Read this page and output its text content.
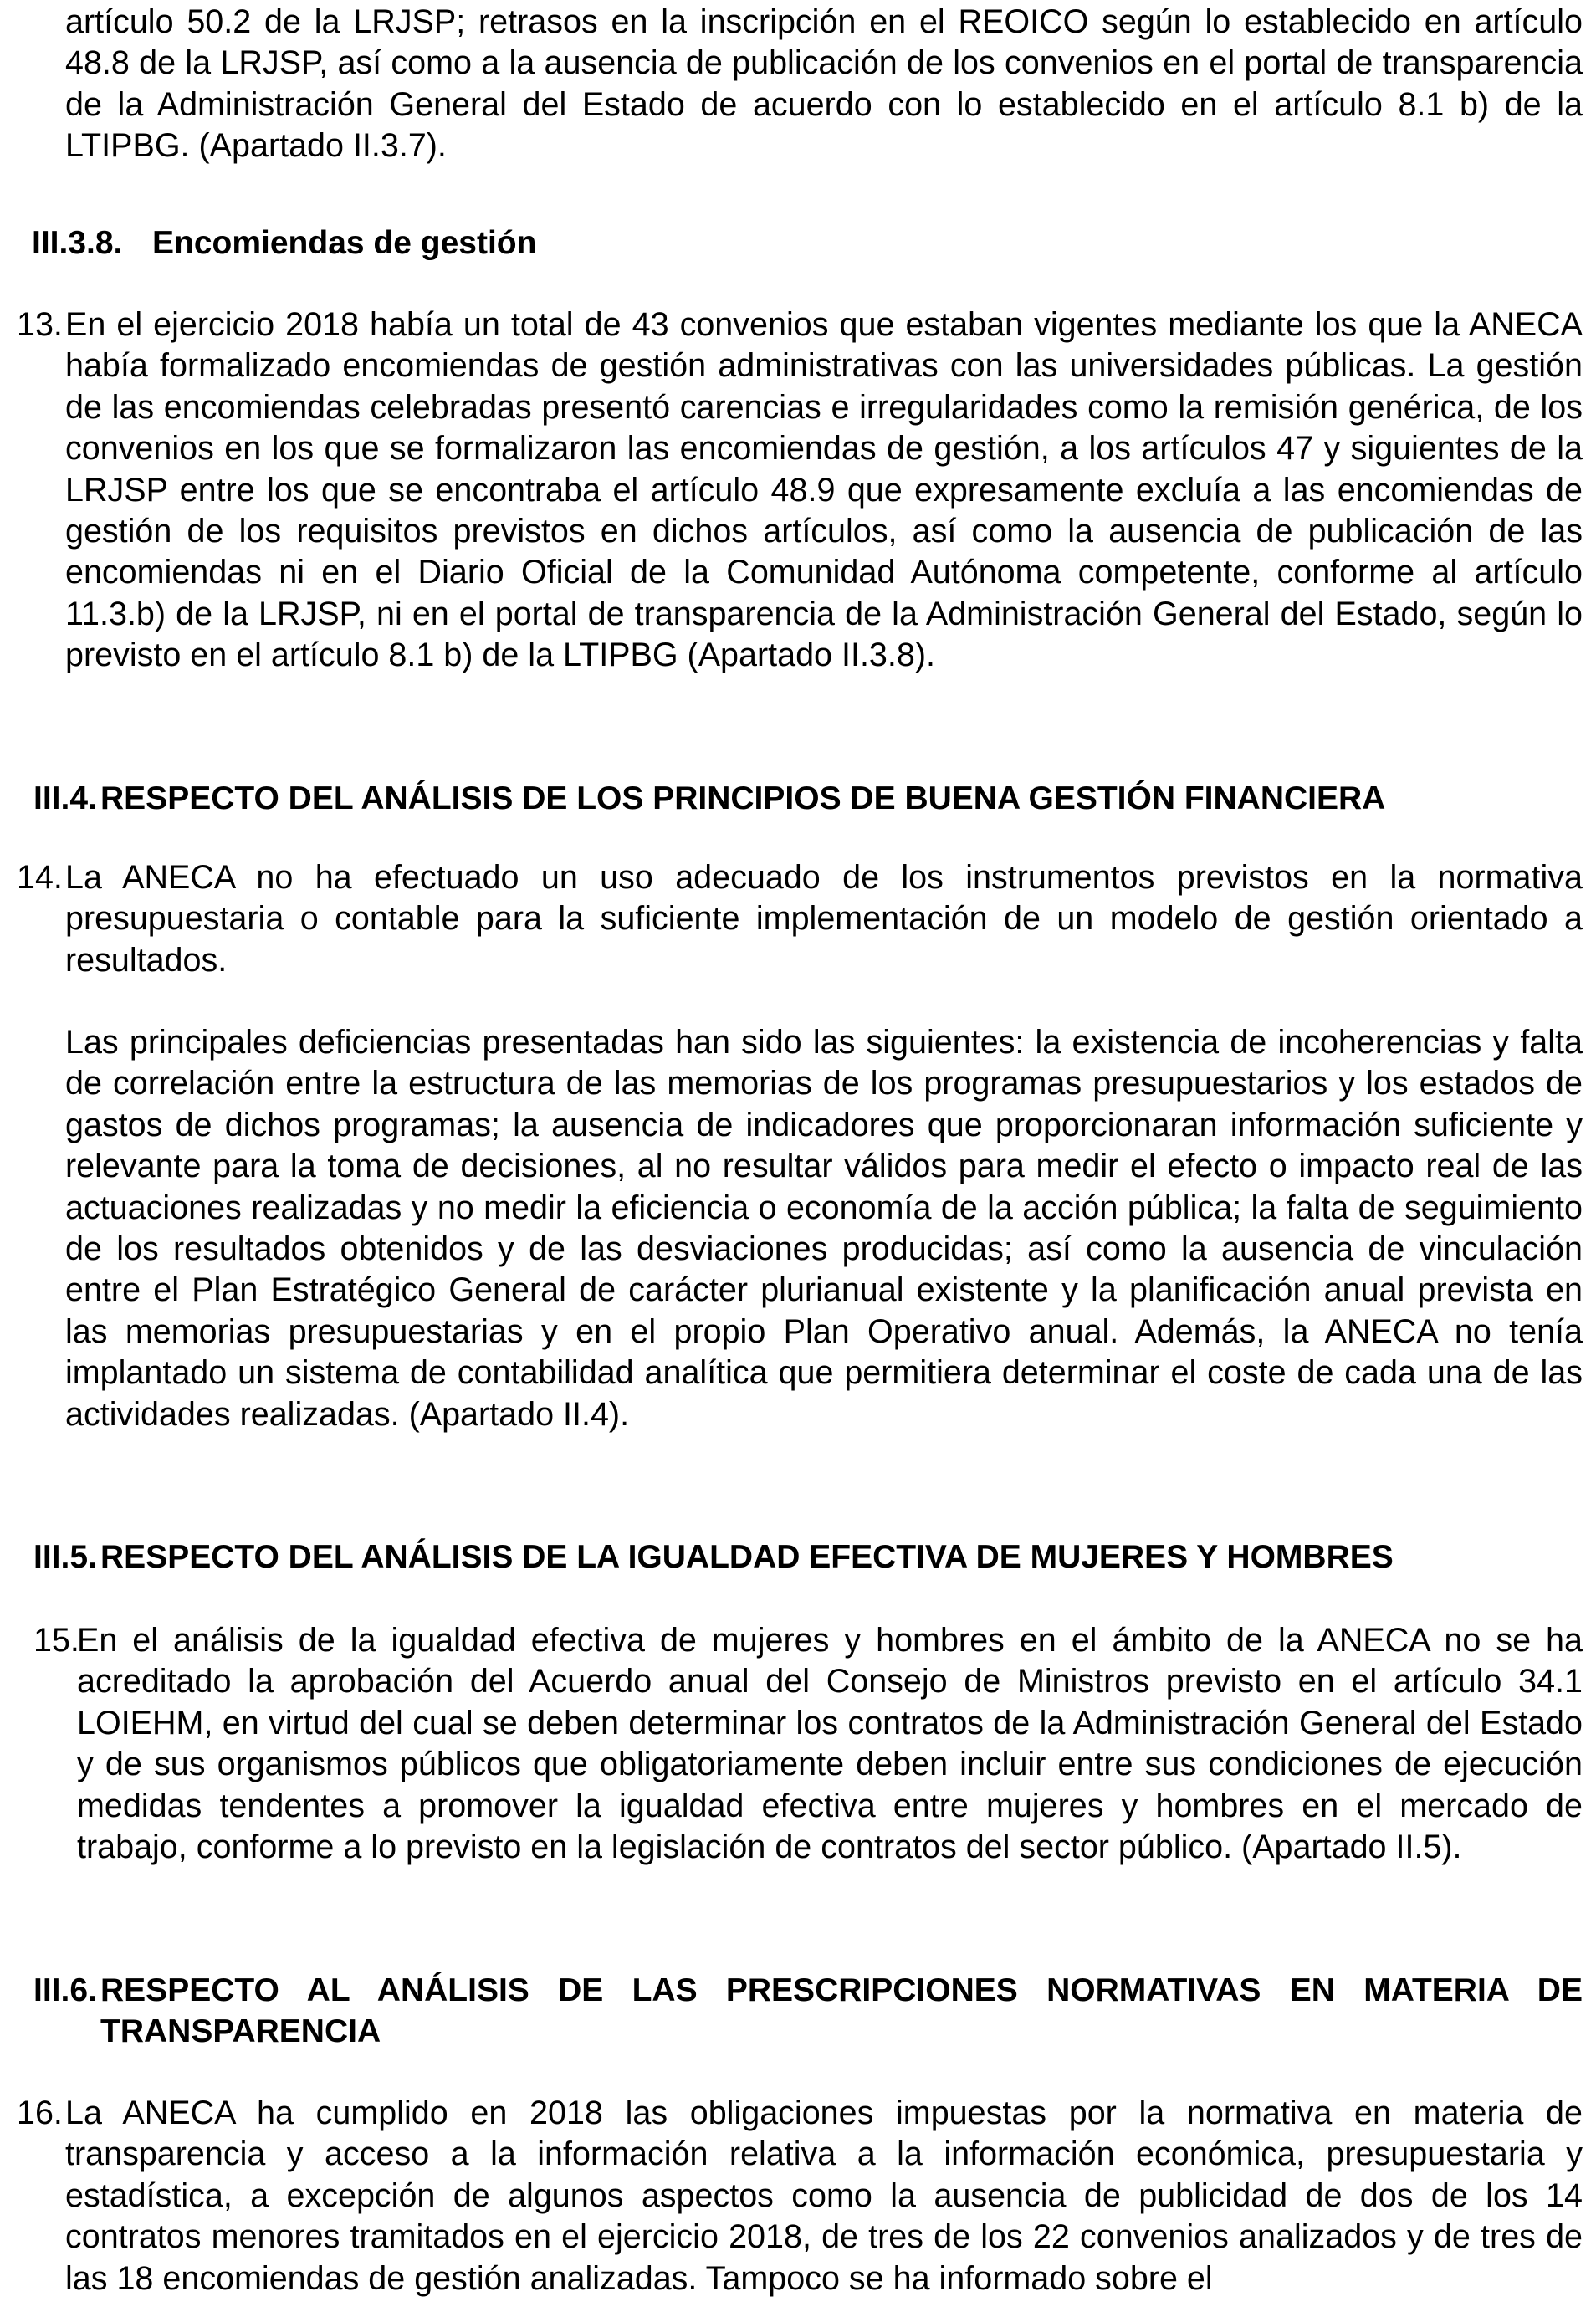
artículo 50.2 de la LRJSP; retrasos en la inscripción en el REOICO según lo establecido en artículo 48.8 de la LRJSP, así como a la ausencia de publicación de los convenios en el portal de transparencia de la Administración General del Estado de acuerdo con lo establecido en el artículo 8.1 b) de la LTIPBG. (Apartado II.3.7).

III.3.8. Encomiendas de gestión
13. En el ejercicio 2018 había un total de 43 convenios que estaban vigentes mediante los que la ANECA había formalizado encomiendas de gestión administrativas con las universidades públicas. La gestión de las encomiendas celebradas presentó carencias e irregularidades como la remisión genérica, de los convenios en los que se formalizaron las encomiendas de gestión, a los artículos 47 y siguientes de la LRJSP entre los que se encontraba el artículo 48.9 que expresamente excluía a las encomiendas de gestión de los requisitos previstos en dichos artículos, así como la ausencia de publicación de las encomiendas ni en el Diario Oficial de la Comunidad Autónoma competente, conforme al artículo 11.3.b) de la LRJSP, ni en el portal de transparencia de la Administración General del Estado, según lo previsto en el artículo 8.1 b) de la LTIPBG (Apartado II.3.8).

III.4. RESPECTO DEL ANÁLISIS DE LOS PRINCIPIOS DE BUENA GESTIÓN FINANCIERA
14. La ANECA no ha efectuado un uso adecuado de los instrumentos previstos en la normativa presupuestaria o contable para la suficiente implementación de un modelo de gestión orientado a resultados.

Las principales deficiencias presentadas han sido las siguientes: la existencia de incoherencias y falta de correlación entre la estructura de las memorias de los programas presupuestarios y los estados de gastos de dichos programas; la ausencia de indicadores que proporcionaran información suficiente y relevante para la toma de decisiones, al no resultar válidos para medir el efecto o impacto real de las actuaciones realizadas y no medir la eficiencia o economía de la acción pública; la falta de seguimiento de los resultados obtenidos y de las desviaciones producidas; así como la ausencia de vinculación entre el Plan Estratégico General de carácter plurianual existente y la planificación anual prevista en las memorias presupuestarias y en el propio Plan Operativo anual. Además, la ANECA no tenía implantado un sistema de contabilidad analítica que permitiera determinar el coste de cada una de las actividades realizadas. (Apartado II.4).

III.5. RESPECTO DEL ANÁLISIS DE LA IGUALDAD EFECTIVA DE MUJERES Y HOMBRES
15.

En el análisis de la igualdad efectiva de mujeres y hombres en el ámbito de la ANECA no se ha acreditado la aprobación del Acuerdo anual del Consejo de Ministros previsto en el artículo 34.1 LOIEHM, en virtud del cual se deben determinar los contratos de la Administración General del Estado y de sus organismos públicos que obligatoriamente deben incluir entre sus condiciones de ejecución medidas tendentes a promover la igualdad efectiva entre mujeres y hombres en el mercado de trabajo, conforme a lo previsto en la legislación de contratos del sector público. (Apartado II.5).

III.6. RESPECTO AL ANÁLISIS DE LAS PRESCRIPCIONES NORMATIVAS EN MATERIA DE TRANSPARENCIA
16. La ANECA ha cumplido en 2018 las obligaciones impuestas por la normativa en materia de transparencia y acceso a la información relativa a la información económica, presupuestaria y estadística, a excepción de algunos aspectos como la ausencia de publicidad de dos de los 14 contratos menores tramitados en el ejercicio 2018, de tres de los 22 convenios analizados y de tres de las 18 encomiendas de gestión analizadas. Tampoco se ha informado sobre el
